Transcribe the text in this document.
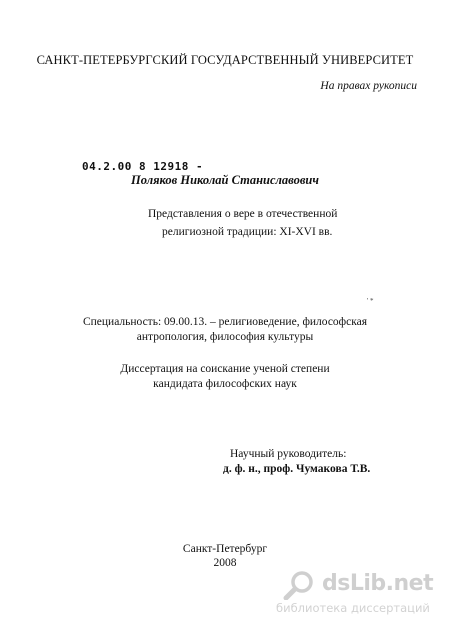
САНКТ-ПЕТЕРБУРГСКИЙ ГОСУДАРСТВЕННЫЙ УНИВЕРСИТЕТ
На правах рукописи
04.2.00 8 12918 -
Поляков Николай Станиславович
Представления о вере в отечественной
религиозной традиции: XI-XVI вв.
' *
Специальность: 09.00.13. – религиоведение, философская
антропология, философия культуры
Диссертация на соискание ученой степени
кандидата философских наук
Научный руководитель:
д. ф. н., проф. Чумакова Т.В.
Санкт-Петербург
2008
dsLib.net
библиотека диссертаций
